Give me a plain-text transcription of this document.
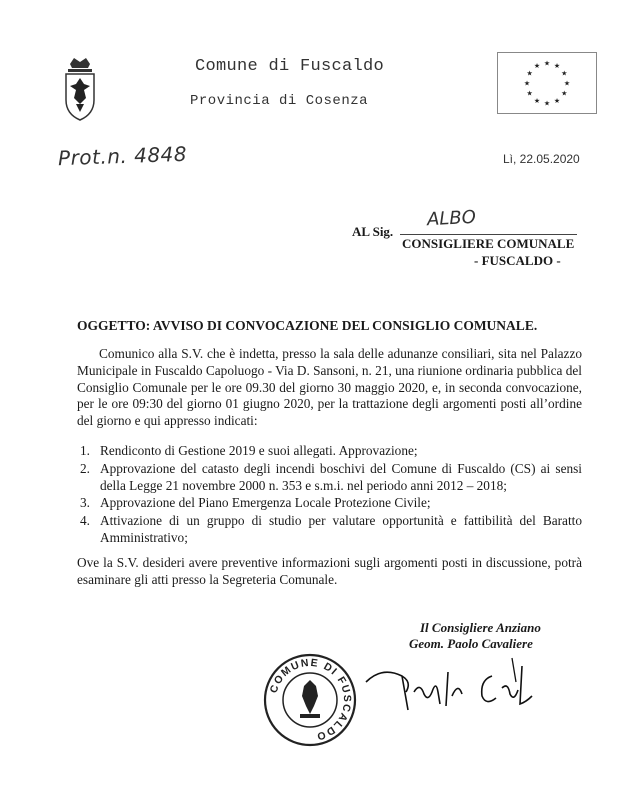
★ ★
★
★
★
★
★
★
★
★
★
★
Comune di Fuscaldo
Provincia di Cosenza
Prot.n. 4848	Lì, 22.05.2020
ALBO
AL Sig.
CONSIGLIERE COMUNALE
- FUSCALDO -
OGGETTO: AVVISO DI CONVOCAZIONE DEL CONSIGLIO COMUNALE.
Comunico alla S.V. che è indetta, presso la sala delle adunanze consiliari, sita nel Palazzo Municipale in Fuscaldo Capoluogo - Via D. Sansoni, n. 21, una riunione ordinaria pubblica del Consiglio Comunale per le ore 09.30 del giorno 30 maggio 2020, e, in seconda convocazione, per le ore 09:30 del giorno 01 giugno 2020, per la trattazione degli argomenti posti all’ordine del giorno e qui appresso indicati:
1. Rendiconto di Gestione 2019 e suoi allegati. Approvazione;
2. Approvazione del catasto degli incendi boschivi del Comune di Fuscaldo (CS) ai sensi della Legge 21 novembre 2000 n. 353 e s.m.i. nel periodo anni 2012 – 2018;
3. Approvazione del Piano Emergenza Locale Protezione Civile;
4. Attivazione di un gruppo di studio per valutare opportunità e fattibilità del Baratto Amministrativo;
Ove la S.V. desideri avere preventive informazioni sugli argomenti posti in discussione, potrà esaminare gli atti presso la Segreteria Comunale.
Il Consigliere Anziano
Geom. Paolo Cavaliere
COMUNE DI FUSCALDO
